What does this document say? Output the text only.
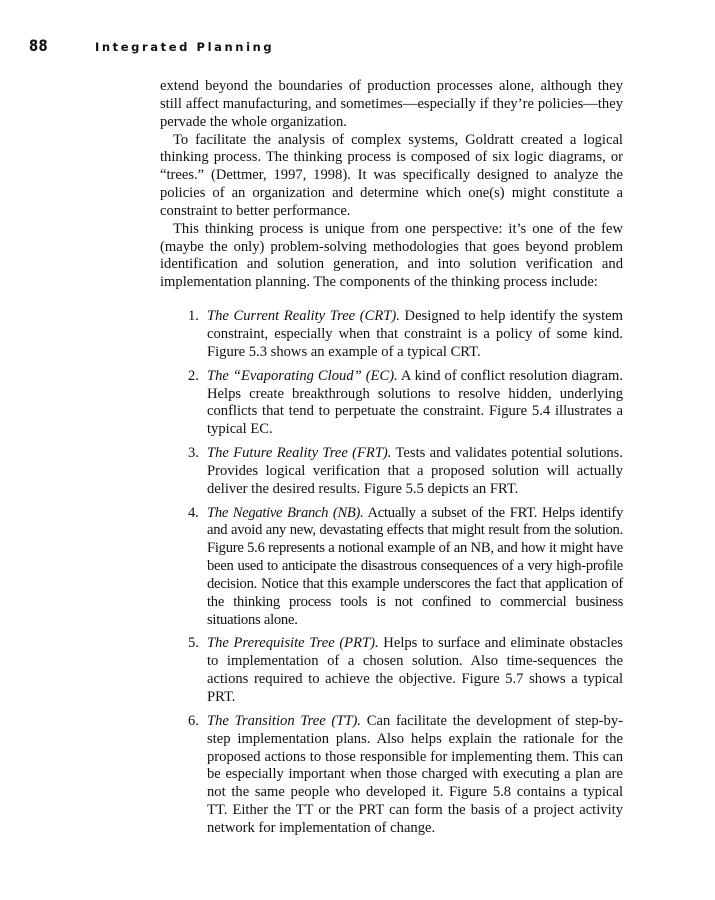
88	Integrated Planning

extend beyond the boundaries of production processes alone, although they still affect manufacturing, and sometimes—especially if they’re policies—they pervade the whole organization.

To facilitate the analysis of complex systems, Goldratt created a logical thinking process. The thinking process is composed of six logic diagrams, or “trees.” (Dettmer, 1997, 1998). It was specifically designed to analyze the policies of an organization and determine which one(s) might constitute a constraint to better performance.

This thinking process is unique from one perspective: it’s one of the few (maybe the only) problem-solving methodologies that goes beyond problem identification and solution generation, and into solution verification and implementation planning. The components of the thinking process include:

1. The Current Reality Tree (CRT). Designed to help identify the system constraint, especially when that constraint is a policy of some kind. Figure 5.3 shows an example of a typical CRT.
2. The “Evaporating Cloud” (EC). A kind of conflict resolution diagram. Helps create breakthrough solutions to resolve hidden, underlying conflicts that tend to perpetuate the constraint. Figure 5.4 illustrates a typical EC.
3. The Future Reality Tree (FRT). Tests and validates potential solutions. Provides logical verification that a proposed solution will actually deliver the desired results. Figure 5.5 depicts an FRT.
4. The Negative Branch (NB). Actually a subset of the FRT. Helps identify and avoid any new, devastating effects that might result from the solution. Figure 5.6 represents a notional example of an NB, and how it might have been used to anticipate the disastrous consequences of a very high-profile decision. Notice that this example underscores the fact that application of the thinking process tools is not confined to commercial business situations alone.
5. The Prerequisite Tree (PRT). Helps to surface and eliminate obstacles to implementation of a chosen solution. Also time-sequences the actions required to achieve the objective. Figure 5.7 shows a typical PRT.
6. The Transition Tree (TT). Can facilitate the development of step-by-step implementation plans. Also helps explain the rationale for the proposed actions to those responsible for implementing them. This can be especially important when those charged with executing a plan are not the same people who developed it. Figure 5.8 contains a typical TT. Either the TT or the PRT can form the basis of a project activity network for implementation of change.
